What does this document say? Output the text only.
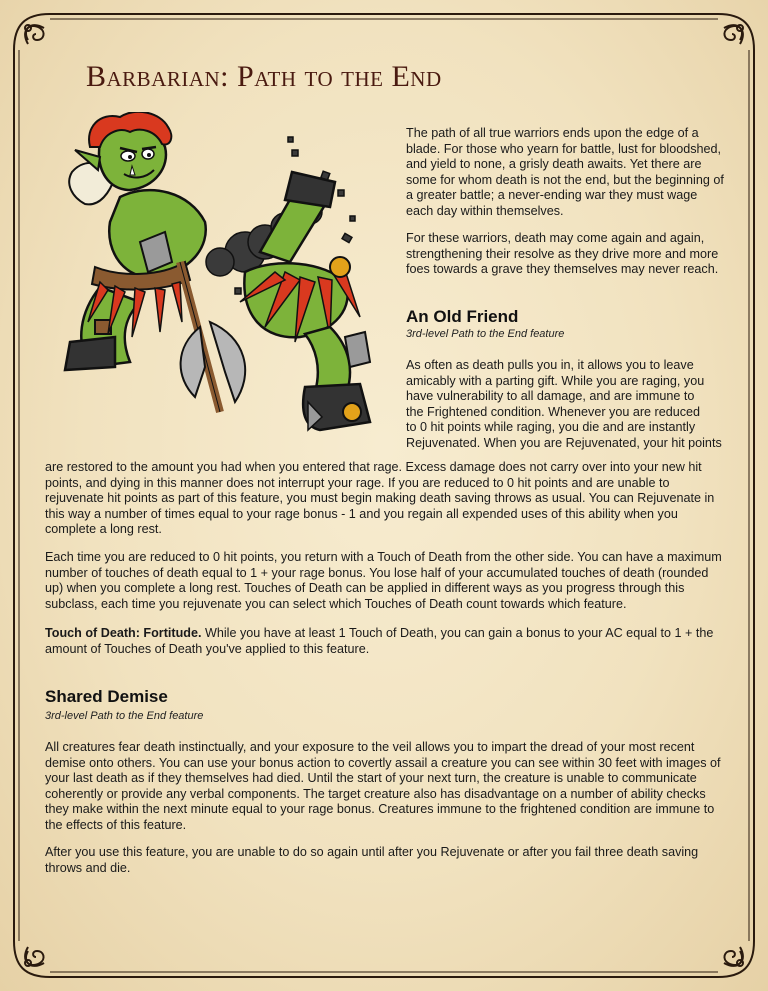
Barbarian: Path to the End

The path of all true warriors ends upon the edge of a blade. For those who yearn for battle, lust for bloodshed, and yield to none, a grisly death awaits. Yet there are some for whom death is not the end, but the beginning of a greater battle; a never-ending war they must wage each day within themselves.

For these warriors, death may come again and again, strengthening their resolve as they drive more and more foes towards a grave they themselves may never reach.

An Old Friend

3rd-level Path to the End feature

As often as death pulls you in, it allows you to leave
amicably with a parting gift. While you are raging, you
have vulnerability to all damage, and are immune to
the Frightened condition. Whenever you are reduced
to 0 hit points while raging, you die and are instantly
Rejuvenated. When you are Rejuvenated, your hit points

are restored to the amount you had when you entered that rage. Excess damage does not carry over into your new hit points, and dying in this manner does not interrupt your rage. If you are reduced to 0 hit points and are unable to rejuvenate hit points as part of this feature, you must begin making death saving throws as usual. You can Rejuvenate in this way a number of times equal to your rage bonus - 1 and you regain all expended uses of this ability when you complete a long rest.

Each time you are reduced to 0 hit points, you return with a Touch of Death from the other side. You can have a maximum number of touches of death equal to 1 + your rage bonus. You lose half of your accumulated touches of death (rounded up) when you complete a long rest. Touches of Death can be applied in different ways as you progress through this subclass, each time you rejuvenate you can select which Touches of Death count towards which feature.

Touch of Death: Fortitude. While you have at least 1 Touch of Death, you can gain a bonus to your AC equal to 1 + the amount of Touches of Death you've applied to this feature.

Shared Demise

3rd-level Path to the End feature

All creatures fear death instinctually, and your exposure to the veil allows you to impart the dread of your most recent demise onto others. You can use your bonus action to covertly assail a creature you can see within 30 feet with images of your last death as if they themselves had died. Until the start of your next turn, the creature is unable to communicate coherently or provide any verbal components. The target creature also has disadvantage on a number of ability checks they make within the next minute equal to your rage bonus. Creatures immune to the frightened condition are immune to the effects of this feature.

After you use this feature, you are unable to do so again until after you Rejuvenate or after you fail three death saving throws and die.
